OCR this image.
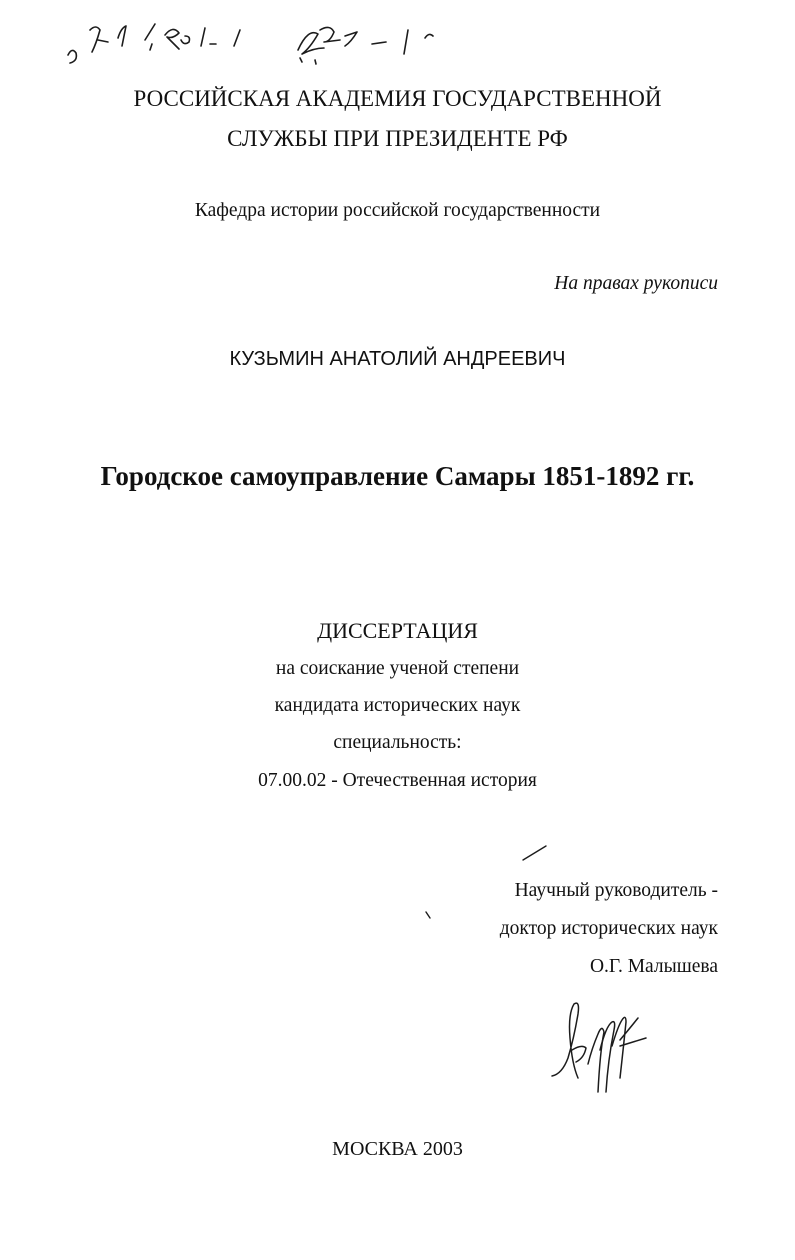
РОССИЙСКАЯ АКАДЕМИЯ ГОСУДАРСТВЕННОЙ
СЛУЖБЫ ПРИ ПРЕЗИДЕНТЕ РФ
Кафедра истории российской государственности
На правах рукописи
КУЗЬМИН АНАТОЛИЙ АНДРЕЕВИЧ
Городское самоуправление Самары 1851-1892 гг.
ДИССЕРТАЦИЯ
на соискание ученой степени
кандидата исторических наук
специальность:
07.00.02 - Отечественная история
Научный руководитель -
доктор исторических наук
О.Г. Малышева
МОСКВА 2003
